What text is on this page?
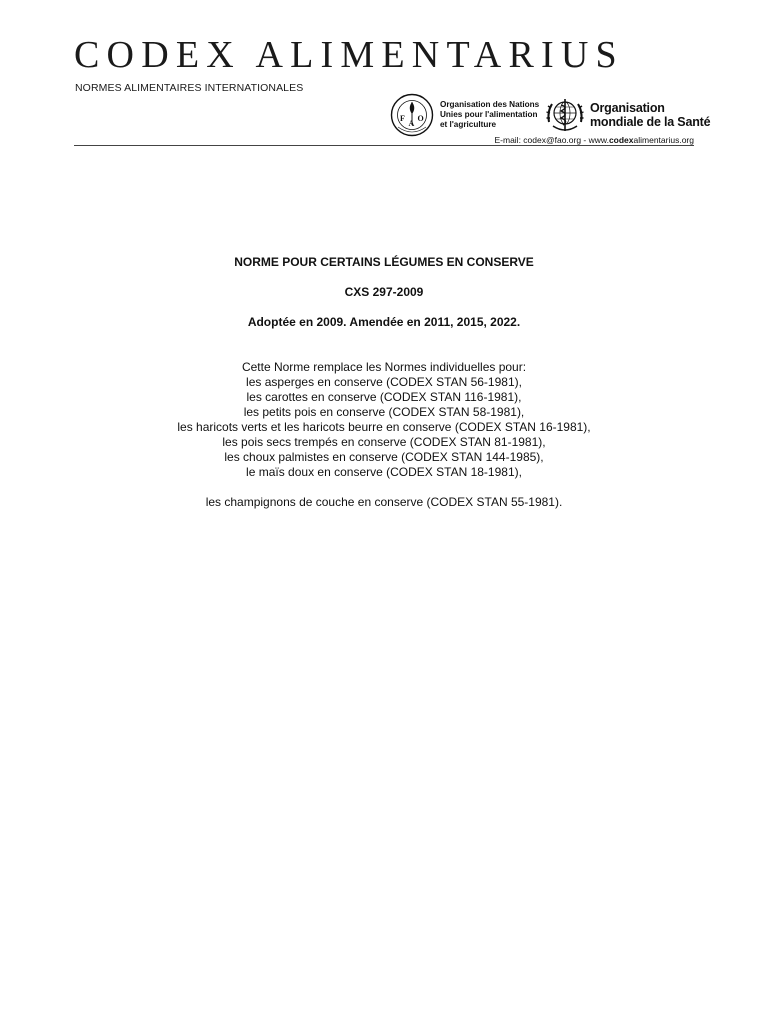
CODEX ALIMENTARIUS
NORMES ALIMENTAIRES INTERNATIONALES
F
A
O
Organisation des Nations
Unies pour l'alimentation
et l'agriculture
Organisation
mondiale de la Santé
E-mail: codex@fao.org - www.codexalimentarius.org
NORME POUR CERTAINS LÉGUMES EN CONSERVE
CXS 297-2009
Adoptée en 2009. Amendée en 2011, 2015, 2022.
Cette Norme remplace les Normes individuelles pour:
les asperges en conserve (CODEX STAN 56-1981),
les carottes en conserve (CODEX STAN 116-1981),
les petits pois en conserve (CODEX STAN 58-1981),
les haricots verts et les haricots beurre en conserve (CODEX STAN 16-1981),
les pois secs trempés en conserve (CODEX STAN 81-1981),
les choux palmistes en conserve (CODEX STAN 144-1985),
le maïs doux en conserve (CODEX STAN 18-1981),
les champignons de couche en conserve (CODEX STAN 55-1981).
